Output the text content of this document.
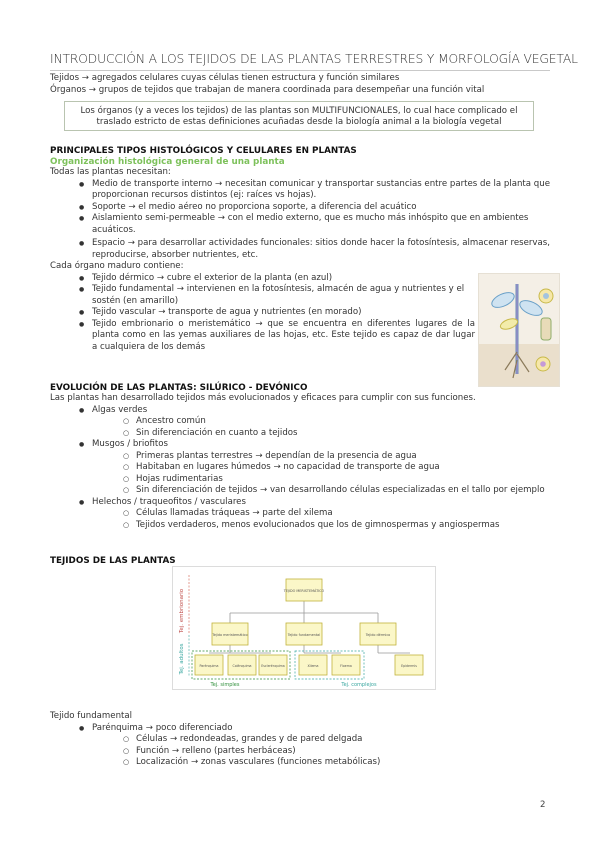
INTRODUCCIÓN A LOS TEJIDOS DE LAS PLANTAS TERRESTRES Y MORFOLOGÍA VEGETAL
Tejidos → agregados celulares cuyas células tienen estructura y función similares
Órganos → grupos de tejidos que trabajan de manera coordinada para desempeñar una función vital
Los órganos (y a veces los tejidos) de las plantas son MULTIFUNCIONALES, lo cual hace complicado el
traslado estricto de estas definiciones acuñadas desde la biología animal a la biología vegetal
PRINCIPALES TIPOS HISTOLÓGICOS Y CELULARES EN PLANTAS
Organización histológica general de una planta
Todas las plantas necesitan:
● Medio de transporte interno → necesitan comunicar y transportar sustancias entre partes de la planta que proporcionan recursos distintos (ej: raíces vs hojas).
● Soporte → el medio aéreo no proporciona soporte, a diferencia del acuático
● Aislamiento semi-permeable → con el medio externo, que es mucho más inhóspito que en ambientes acuáticos.
● Espacio → para desarrollar actividades funcionales: sitios donde hacer la fotosíntesis, almacenar reservas, reproducirse, absorber nutrientes, etc.
Cada órgano maduro contiene:
● Tejido dérmico → cubre el exterior de la planta (en azul)
● Tejido fundamental → intervienen en la fotosíntesis, almacén de agua y nutrientes y el sostén (en amarillo)
● Tejido vascular → transporte de agua y nutrientes (en morado)
● Tejido embrionario o meristemático → que se encuentra en diferentes lugares de la planta como en las yemas auxiliares de las hojas, etc. Este tejido es capaz de dar lugar a cualquiera de los demás
EVOLUCIÓN DE LAS PLANTAS: SILÚRICO - DEVÓNICO
Las plantas han desarrollado tejidos más evolucionados y eficaces para cumplir con sus funciones.
● Algas verdes
○ Ancestro común
○ Sin diferenciación en cuanto a tejidos
● Musgos / briofitos
○ Primeras plantas terrestres → dependían de la presencia de agua
○ Habitaban en lugares húmedos → no capacidad de transporte de agua
○ Hojas rudimentarias
○ Sin diferenciación de tejidos → van desarrollando células especializadas en el tallo por ejemplo
● Helechos / traqueofitos / vasculares
○ Células llamadas tráqueas → parte del xilema
○ Tejidos verdaderos, menos evolucionados que los de gimnospermas y angiospermas
TEJIDOS DE LAS PLANTAS
Tej. embrionario
Tej. adultos
TEJIDO MERISTEMÁTICO
Tejido meristemático	Tejido fundamental	Tejido dérmico
Parénquima	Colénquima	Esclerénquima	Xilema	Floema	Epidermis
Tej. simples	Tej. complejos
Tejido fundamental
● Parénquima → poco diferenciado
○ Células → redondeadas, grandes y de pared delgada
○ Función → relleno (partes herbáceas)
○ Localización → zonas vasculares (funciones metabólicas)
2
